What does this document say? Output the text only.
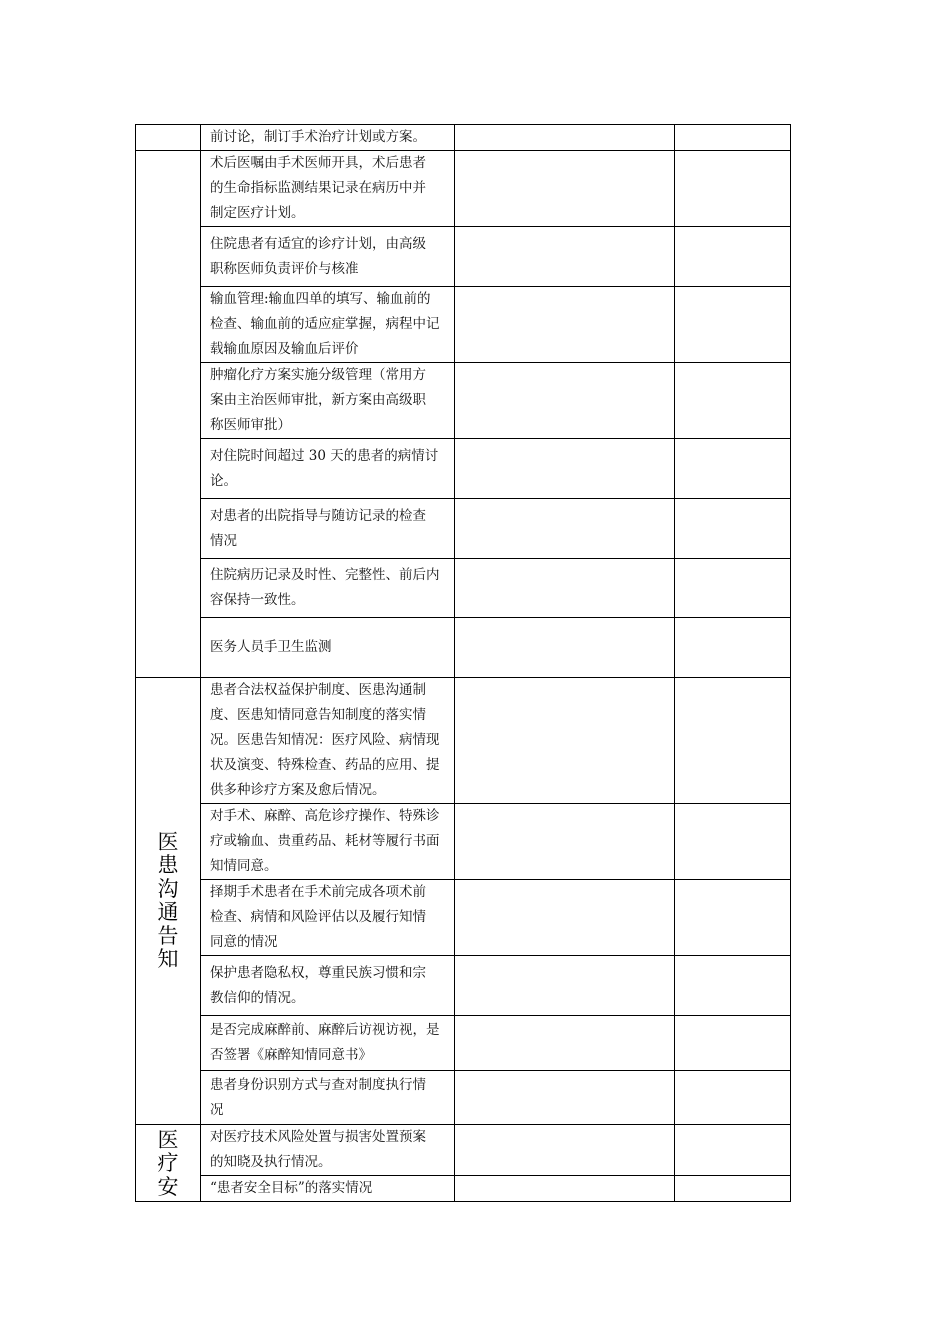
	前讨论，制订手术治疗计划或方案。		
	术后医嘱由手术医师开具，术后患者
的生命指标监测结果记录在病历中并
制定医疗计划。		
	住院患者有适宜的诊疗计划，由高级
职称医师负责评价与核准		
	输血管理:输血四单的填写、输血前的
检查、输血前的适应症掌握，病程中记
载输血原因及输血后评价		
	肿瘤化疗方案实施分级管理（常用方
案由主治医师审批，新方案由高级职
称医师审批）		
	对住院时间超过 30 天的患者的病情讨
论。		
	对患者的出院指导与随访记录的检查
情况		
	住院病历记录及时性、完整性、前后内
容保持一致性。		
	医务人员手卫生监测		
医患沟通告知	患者合法权益保护制度、医患沟通制
度、医患知情同意告知制度的落实情
况。医患告知情况：医疗风险、病情现
状及演变、特殊检查、药品的应用、提
供多种诊疗方案及愈后情况。		
	对手术、麻醉、高危诊疗操作、特殊诊
疗或输血、贵重药品、耗材等履行书面
知情同意。		
	择期手术患者在手术前完成各项术前
检查、病情和风险评估以及履行知情
同意的情况		
	保护患者隐私权，尊重民族习惯和宗
教信仰的情况。		
	是否完成麻醉前、麻醉后访视访视，是
否签署《麻醉知情同意书》		
	患者身份识别方式与查对制度执行情
况		
医疗安	对医疗技术风险处置与损害处置预案
的知晓及执行情况。		
	“患者安全目标”的落实情况		
